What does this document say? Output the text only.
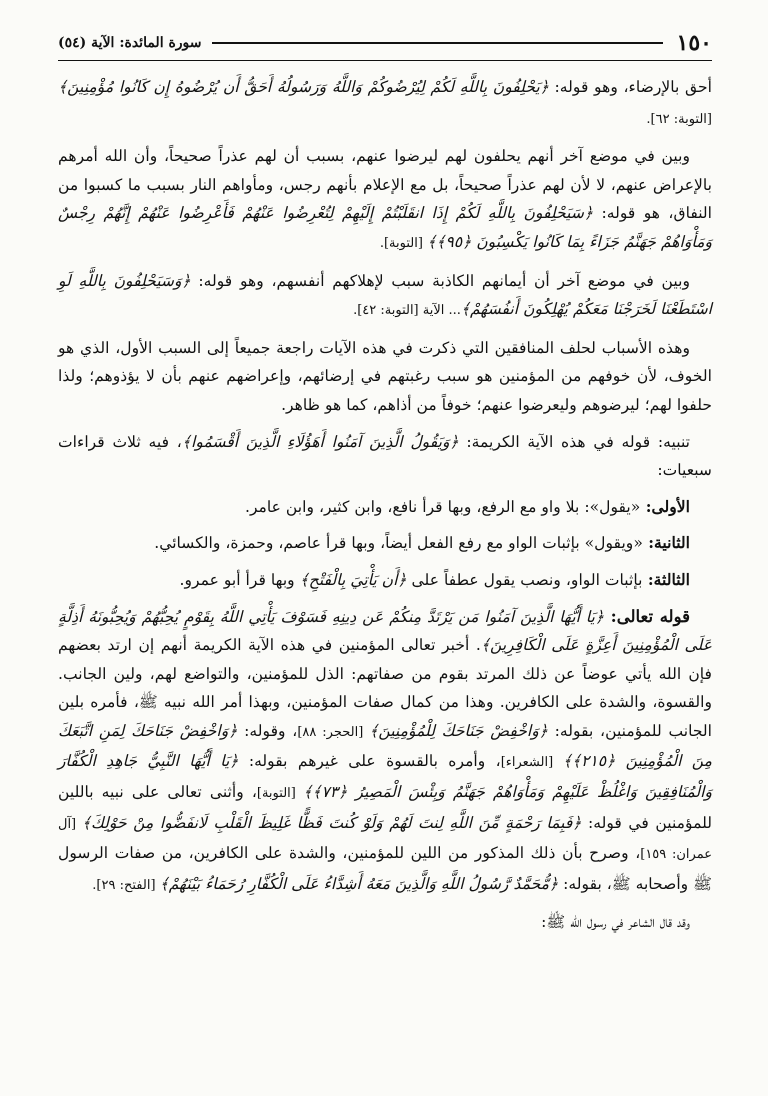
١٥٠
سورة المائدة: الآية (٥٤)

أحق بالإرضاء، وهو قوله: ﴿يَحْلِفُونَ بِاللَّهِ لَكُمْ لِيُرْضُوكُمْ وَاللَّهُ وَرَسُولُهُ أَحَقُّ أَن يُرْضُوهُ إِن كَانُوا مُؤْمِنِينَ﴾ [التوبة: ٦٢].

وبين في موضع آخر أنهم يحلفون لهم ليرضوا عنهم، بسبب أن لهم عذراً صحيحاً، وأن الله أمرهم بالإعراض عنهم، لا لأن لهم عذراً صحيحاً، بل مع الإعلام بأنهم رجس، ومأواهم النار بسبب ما كسبوا من النفاق، هو قوله: ﴿سَيَحْلِفُونَ بِاللَّهِ لَكُمْ إِذَا انقَلَبْتُمْ إِلَيْهِمْ لِتُعْرِضُوا عَنْهُمْ فَأَعْرِضُوا عَنْهُمْ إِنَّهُمْ رِجْسٌ وَمَأْوَاهُمْ جَهَنَّمُ جَزَاءً بِمَا كَانُوا يَكْسِبُونَ ﴿٩٥﴾﴾ [التوبة].

وبين في موضع آخر أن أيمانهم الكاذبة سبب لإهلاكهم أنفسهم، وهو قوله: ﴿وَسَيَحْلِفُونَ بِاللَّهِ لَوِ اسْتَطَعْنَا لَخَرَجْنَا مَعَكُمْ يُهْلِكُونَ أَنفُسَهُمْ﴾... الآية [التوبة: ٤٢].

وهذه الأسباب لحلف المنافقين التي ذكرت في هذه الآيات راجعة جميعاً إلى السبب الأول، الذي هو الخوف، لأن خوفهم من المؤمنين هو سبب رغبتهم في إرضائهم، وإعراضهم عنهم بأن لا يؤذوهم؛ ولذا حلفوا لهم؛ ليرضوهم وليعرضوا عنهم؛ خوفاً من أذاهم، كما هو ظاهر.

تنبيه: قوله في هذه الآية الكريمة: ﴿وَيَقُولُ الَّذِينَ آمَنُوا أَهَؤُلَاءِ الَّذِينَ أَقْسَمُوا﴾، فيه ثلاث قراءات سبعيات:

الأولى: «يقول»: بلا واو مع الرفع، وبها قرأ نافع، وابن كثير، وابن عامر.

الثانية: «ويقول» بإثبات الواو مع رفع الفعل أيضاً، وبها قرأ عاصم، وحمزة، والكسائي.

الثالثة: بإثبات الواو، ونصب يقول عطفاً على ﴿أَن يَأْتِيَ بِالْفَتْحِ﴾ وبها قرأ أبو عمرو.

قوله تعالى: ﴿يَا أَيُّهَا الَّذِينَ آمَنُوا مَن يَرْتَدَّ مِنكُمْ عَن دِينِهِ فَسَوْفَ يَأْتِي اللَّهُ بِقَوْمٍ يُحِبُّهُمْ وَيُحِبُّونَهُ أَذِلَّةٍ عَلَى الْمُؤْمِنِينَ أَعِزَّةٍ عَلَى الْكَافِرِينَ﴾. أخبر تعالى المؤمنين في هذه الآية الكريمة أنهم إن ارتد بعضهم فإن الله يأتي عوضاً عن ذلك المرتد بقوم من صفاتهم: الذل للمؤمنين، والتواضع لهم، ولين الجانب. والقسوة، والشدة على الكافرين. وهذا من كمال صفات المؤمنين، وبهذا أمر الله نبيه ﷺ، فأمره بلين الجانب للمؤمنين، بقوله: ﴿وَاخْفِضْ جَنَاحَكَ لِلْمُؤْمِنِينَ﴾ [الحجر: ٨٨]، وقوله: ﴿وَاخْفِضْ جَنَاحَكَ لِمَنِ اتَّبَعَكَ مِنَ الْمُؤْمِنِينَ ﴿٢١٥﴾﴾ [الشعراء]، وأمره بالقسوة على غيرهم بقوله: ﴿يَا أَيُّهَا النَّبِيُّ جَاهِدِ الْكُفَّارَ وَالْمُنَافِقِينَ وَاغْلُظْ عَلَيْهِمْ وَمَأْوَاهُمْ جَهَنَّمُ وَبِئْسَ الْمَصِيرُ ﴿٧٣﴾﴾ [التوبة]، وأثنى تعالى على نبيه باللين للمؤمنين في قوله: ﴿فَبِمَا رَحْمَةٍ مِّنَ اللَّهِ لِنتَ لَهُمْ وَلَوْ كُنتَ فَظًّا غَلِيظَ الْقَلْبِ لَانفَضُّوا مِنْ حَوْلِكَ﴾ [آل عمران: ١٥٩]، وصرح بأن ذلك المذكور من اللين للمؤمنين، والشدة على الكافرين، من صفات الرسول ﷺ وأصحابه ﷺ، بقوله: ﴿مُّحَمَّدٌ رَّسُولُ اللَّهِ وَالَّذِينَ مَعَهُ أَشِدَّاءُ عَلَى الْكُفَّارِ رُحَمَاءُ بَيْنَهُمْ﴾ [الفتح: ٢٩].

وقد قال الشاعر في رسول الله ﷺ:
